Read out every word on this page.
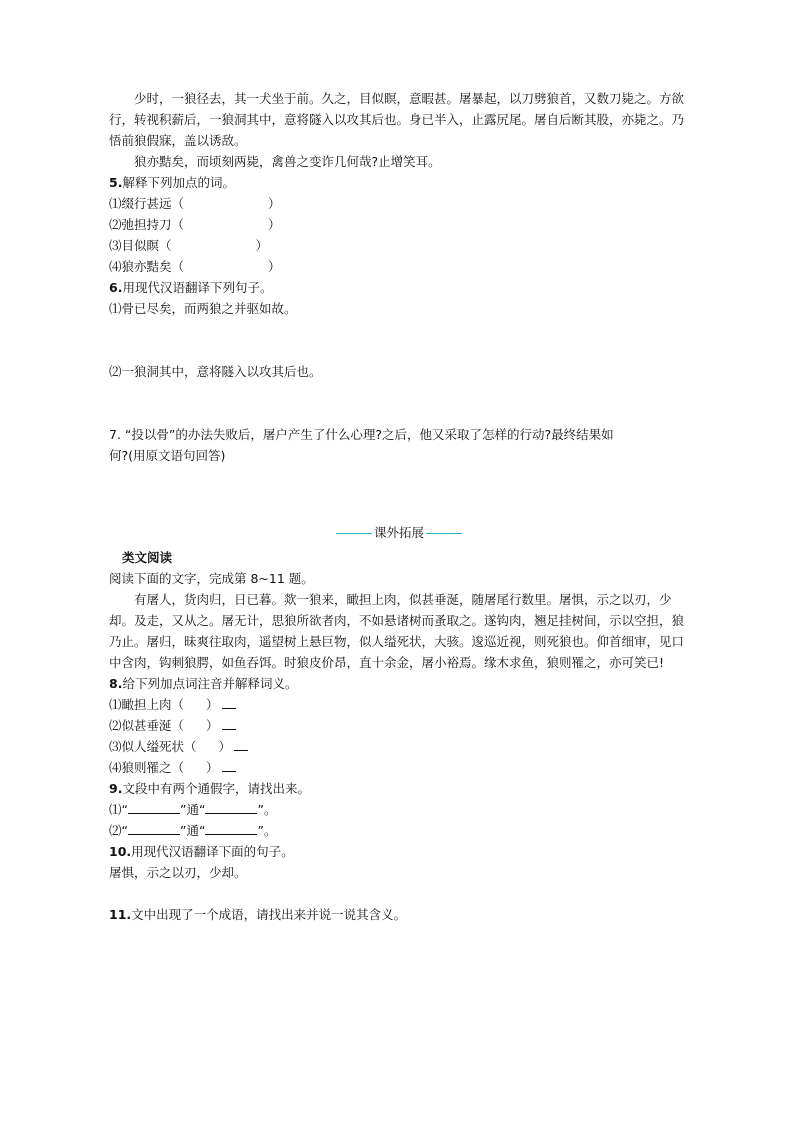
少时，一狼径去，其一犬坐于前。久之，目似瞑，意暇甚。屠暴起，以刀劈狼首，又数刀毙之。方欲行，转视积薪后，一狼洞其中，意将隧入以攻其后也。身已半入，止露尻尾。屠自后断其股，亦毙之。乃悟前狼假寐，盖以诱敌。

狼亦黠矣，而顷刻两毙，禽兽之变诈几何哉?止增笑耳。

5.解释下列加点的词。

⑴缀行甚远（	）

⑵弛担持刀（	）

⑶目似瞑（	）

⑷狼亦黠矣（	）

6.用现代汉语翻译下列句子。

⑴骨已尽矣，而两狼之并驱如故。

⑵一狼洞其中，意将隧入以攻其后也。

7. “投以骨”的办法失败后，屠户产生了什么心理?之后，他又采取了怎样的行动?最终结果如

何?(用原文语句回答)

课外拓展

类文阅读

阅读下面的文字，完成第 8~11 题。

有屠人，货肉归，日已暮。欻一狼来，瞰担上肉，似甚垂涎，随屠尾行数里。屠惧，示之以刃，少却。及走，又从之。屠无计，思狼所欲者肉，不如悬诸树而蚤取之。遂钩肉，翘足挂树间，示以空担，狼乃止。屠归，昧爽往取肉，遥望树上悬巨物，似人缢死状，大骇。逡巡近视，则死狼也。仰首细审，见口中含肉，钩刺狼腭，如鱼吞饵。时狼皮价昂，直十余金，屠小裕焉。缘木求鱼，狼则罹之，亦可笑已!

8.给下列加点词注音并解释词义。

⑴瞰担上肉（ ）

⑵似甚垂涎（ ）

⑶似人缢死状（ ）

⑷狼则罹之（ ）

9.文段中有两个通假字，请找出来。

⑴“	”通“	”。

⑵“	”通“	”。

10.用现代汉语翻译下面的句子。

屠惧，示之以刃，少却。

11.文中出现了一个成语，请找出来并说一说其含义。
